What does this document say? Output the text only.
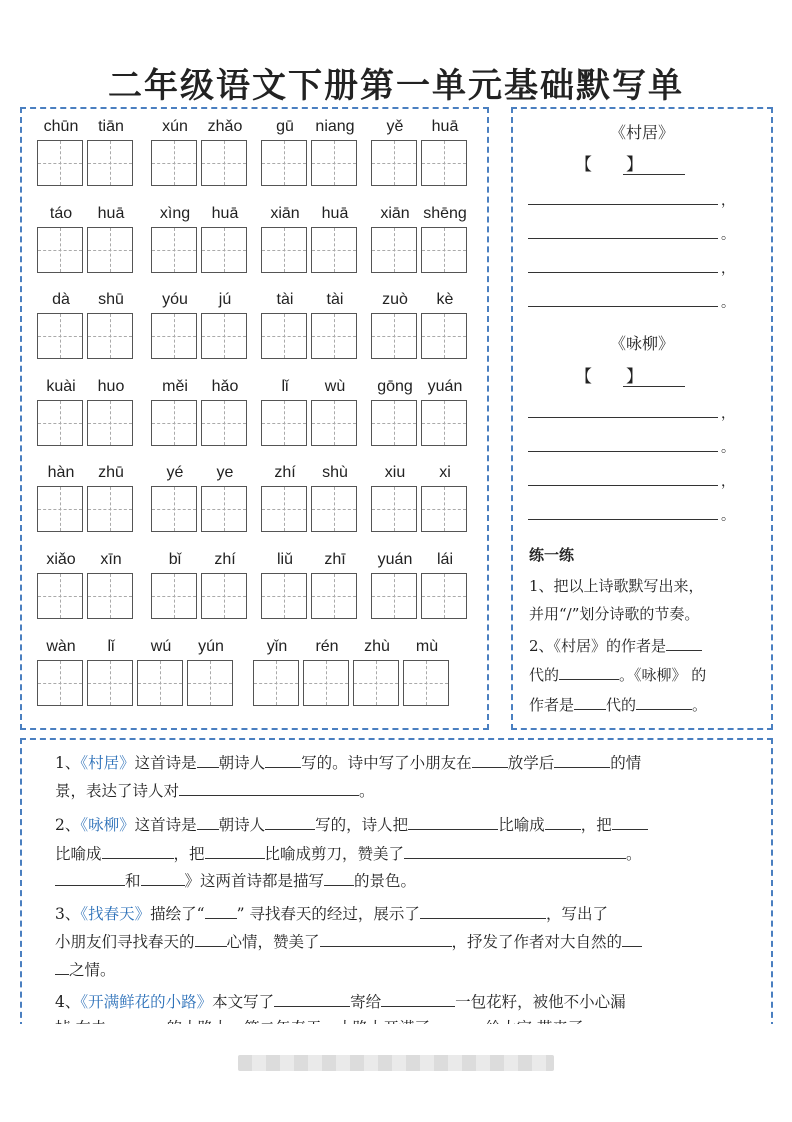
二年级语文下册第一单元基础默写单
chūn	tiān	xún	zhǎo	gū	niang	yě	huā
táo	huā	xìng	huā	xiān	huā	xiān shēng
dà	shū	yóu	jú	tài	tài	zuò	kè
kuài	huo	měi	hǎo	lǐ	wù	gōng yuán
hàn	zhū	yé	ye	zhí	shù	xiu	xi
xiǎo	xīn	bǐ	zhí	liǔ	zhī	yuán	lái
wàn	lǐ	wú	yún	yǐn	rén	zhù	mù
《村居》
【　　】
，
。
，
。
《咏柳》
【　　】
，
。
，
。
练一练
1、把以上诗歌默写出来，
并用“/”划分诗歌的节奏。
2、《村居》的作者是
代的	。《咏柳》 的
作者是 代的	。
1、《村居》这首诗是 朝诗人 写的。诗中写了小朋友在 放学后	的情
景，表达了诗人对	。
2、《咏柳》这首诗是 朝诗人	写的，诗人把	比喻成 ，把
比喻成	，把	比喻成剪刀，赞美了	。
和	》这两首诗都是描写 的景色。
3、《找春天》描绘了“ ” 寻找春天的经过，展示了	，写出了
小朋友们寻找春天的 心情，赞美了	，抒发了作者对大自然的
之情。
4、《开满鲜花的小路》本文写了	寄给	一包花籽，被他不小心漏
